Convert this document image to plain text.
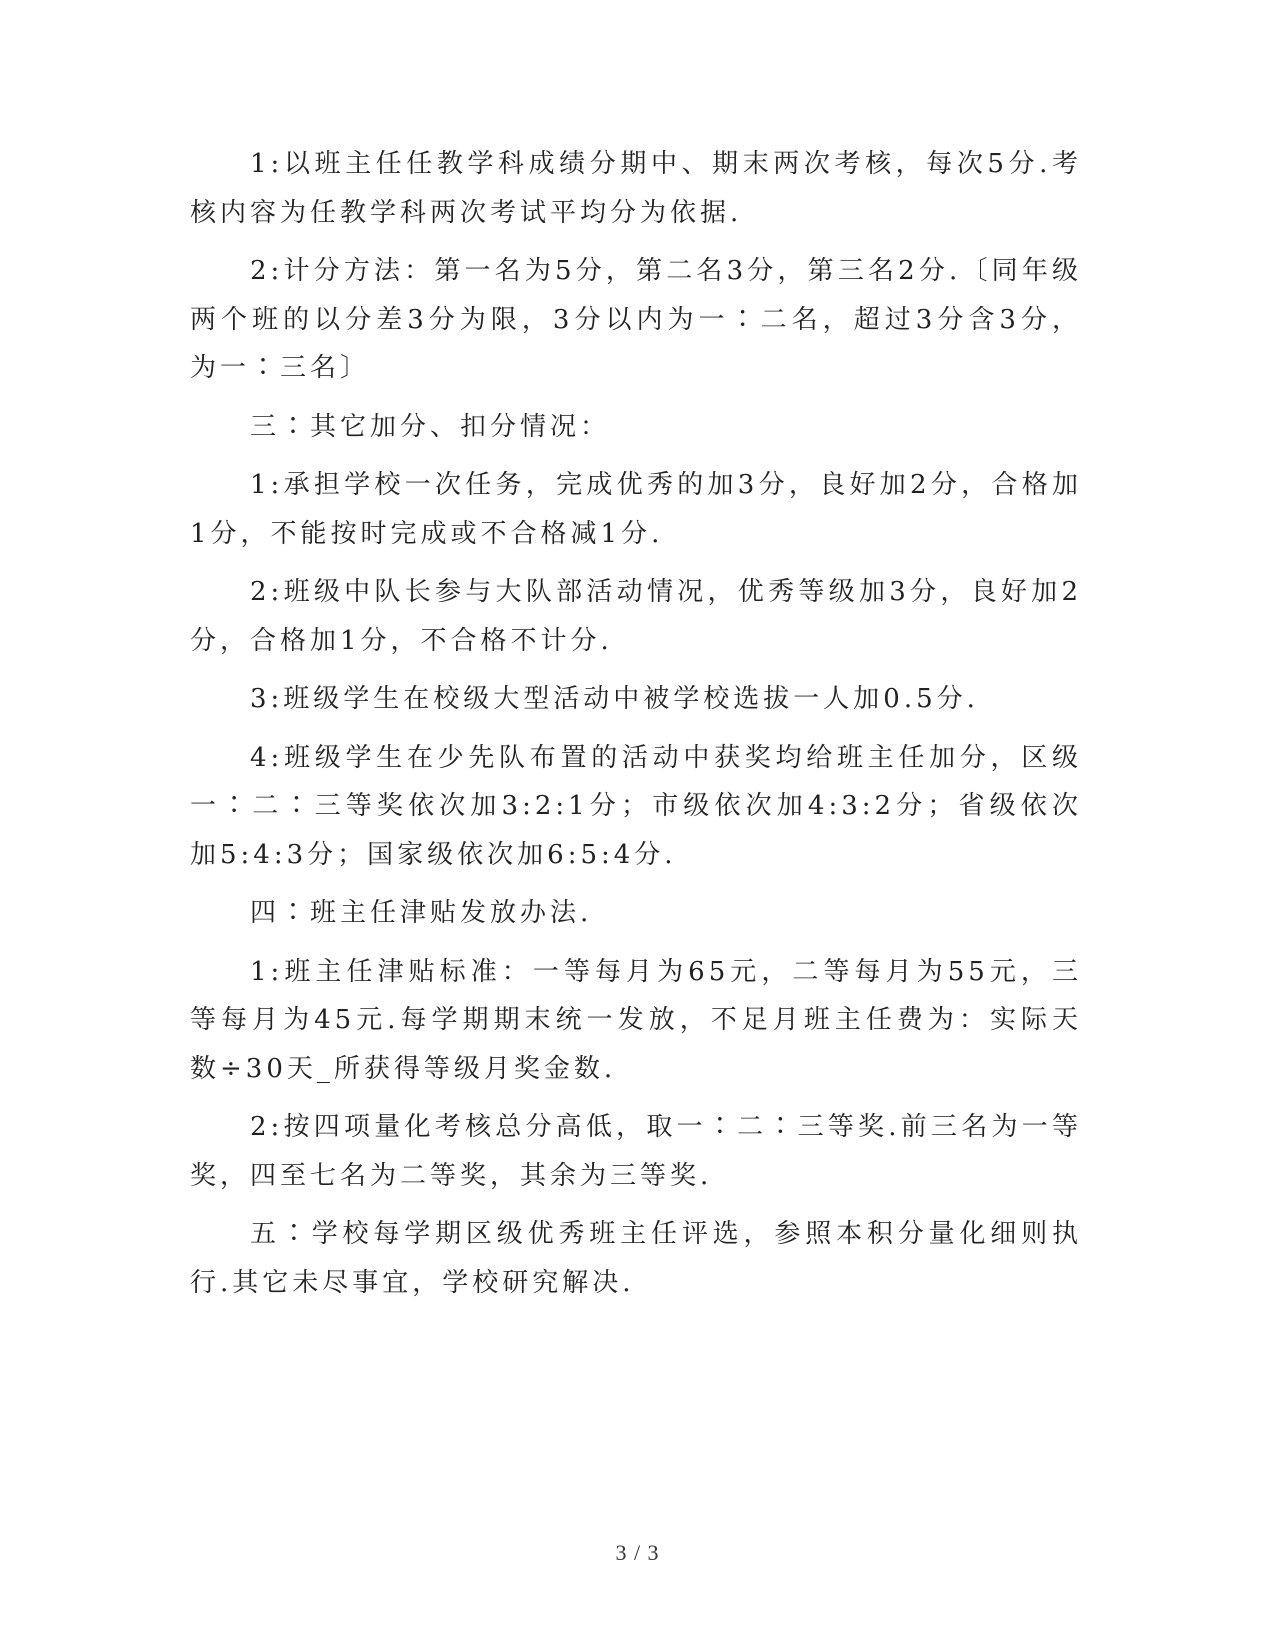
1:以班主任任教学科成绩分期中、期末两次考核，每次5分.考核内容为任教学科两次考试平均分为依据.

2:计分方法：第一名为5分，第二名3分，第三名2分.〔同年级两个班的以分差3分为限，3分以内为一∶二名，超过3分含3分，为一∶三名〕

三∶其它加分、扣分情况：

1:承担学校一次任务，完成优秀的加3分，良好加2分，合格加1分，不能按时完成或不合格减1分.

2:班级中队长参与大队部活动情况，优秀等级加3分，良好加2分，合格加1分，不合格不计分.

3:班级学生在校级大型活动中被学校选拔一人加0.5分.

4:班级学生在少先队布置的活动中获奖均给班主任加分，区级一∶二∶三等奖依次加3:2:1分；市级依次加4:3:2分；省级依次加5:4:3分；国家级依次加6:5:4分.

四∶班主任津贴发放办法.

1:班主任津贴标准：一等每月为65元，二等每月为55元，三等每月为45元.每学期期末统一发放，不足月班主任费为：实际天数÷30天_所获得等级月奖金数.

2:按四项量化考核总分高低，取一∶二∶三等奖.前三名为一等奖，四至七名为二等奖，其余为三等奖.

五∶学校每学期区级优秀班主任评选，参照本积分量化细则执行.其它未尽事宜，学校研究解决.

3 / 3
